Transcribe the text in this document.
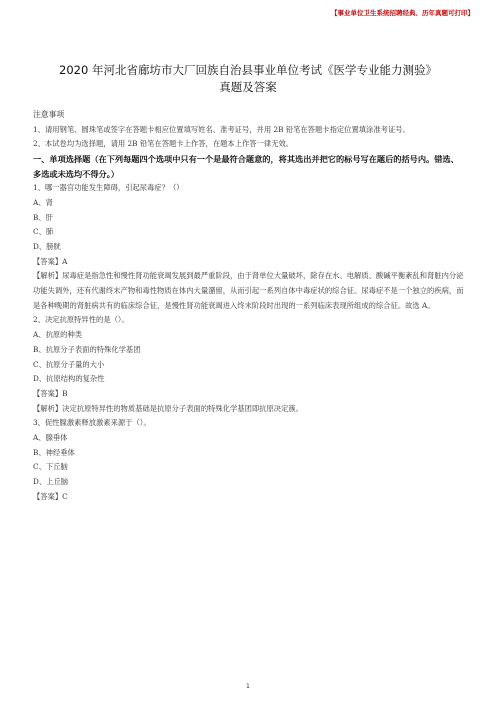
【事业单位卫生系统招聘经典、历年真题可打印】
2020 年河北省廊坊市大厂回族自治县事业单位考试《医学专业能力测验》
真题及答案

注意事项

1、请用钢笔、圆珠笔或签字在答题卡相应位置填写姓名、准考证号，并用 2B 铅笔在答题卡指定位置填涂准考证号。

2、本试卷均为选择题，请用 2B 铅笔在答题卡上作答，在题本上作答一律无效。

一、单项选择题（在下列每题四个选项中只有一个是最符合题意的，将其选出并把它的标号写在题后的括号内。错选、多选或未选均不得分。）

1、哪一器官功能发生障碍，引起尿毒症？（）

A、肾

B、肝

C、肺

D、膀胱

【答案】A

【解析】尿毒症是指急性和慢性肾功能衰竭发展到最严重阶段，由于肾单位大量破坏，除存在水、电解质、酸碱平衡紊乱和肾脏内分泌功能失调外，还有代谢终末产物和毒性物质在体内大量潴留，从而引起一系列自体中毒症状的综合征。尿毒症不是一个独立的疾病，而是各种晚期的肾脏病共有的临床综合征，是慢性肾功能衰竭进入终末阶段时出现的一系列临床表现所组成的综合征。故选 A。

2、决定抗原特异性的是（）。

A、抗原的种类

B、抗原分子表面的特殊化学基团

C、抗原分子量的大小

D、抗原结构的复杂性

【答案】B

【解析】决定抗原特异性的物质基础是抗原分子表面的特殊化学基团即抗原决定簇。

3、促性腺激素释放激素来源于（）。

A、腺垂体

B、神经垂体

C、下丘脑

D、上丘脑

【答案】C

1
